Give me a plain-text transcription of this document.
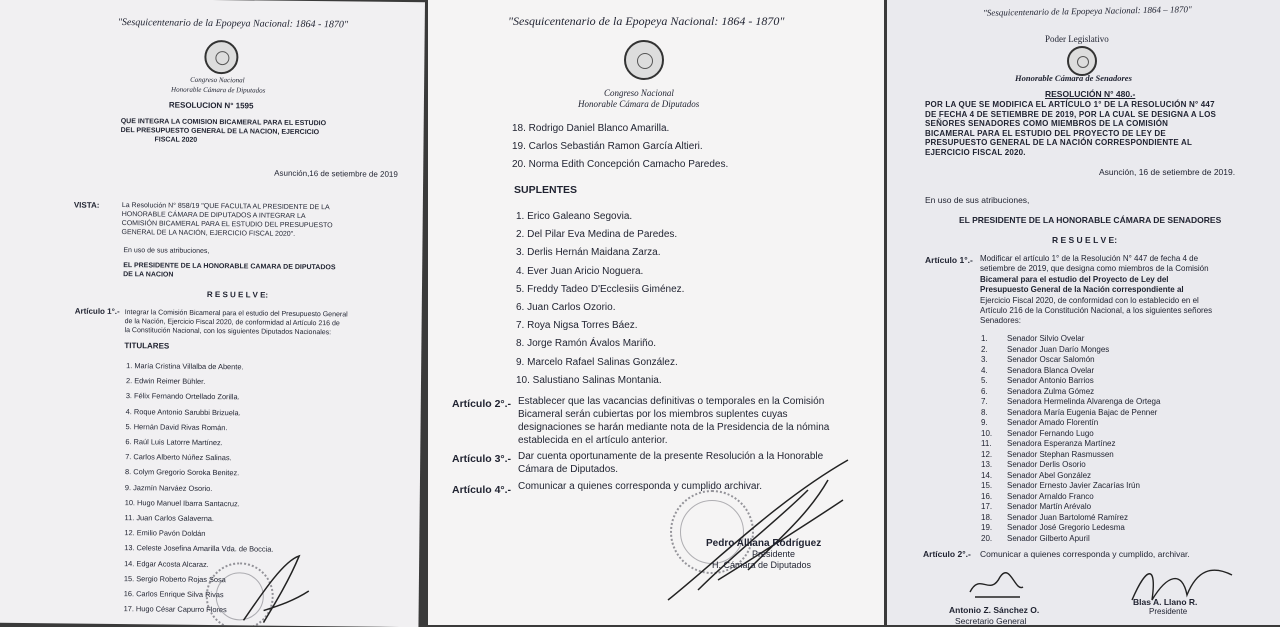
"Sesquicentenario de la Epopeya Nacional: 1864 - 1870"
Congreso Nacional
Honorable Cámara de Diputados
RESOLUCION N° 1595
QUE INTEGRA LA COMISION BICAMERAL PARA EL ESTUDIO
DEL PRESUPUESTO GENERAL DE LA NACION, EJERCICIO
FISCAL 2020
Asunción,16 de setiembre de 2019
VISTA:	La Resolución N° 858/19 "QUE FACULTA AL PRESIDENTE DE LA
HONORABLE CÁMARA DE DIPUTADOS A INTEGRAR LA
COMISIÓN BICAMERAL PARA EL ESTUDIO DEL PRESUPUESTO
GENERAL DE LA NACIÓN, EJERCICIO FISCAL 2020".
En uso de sus atribuciones,
EL PRESIDENTE DE LA HONORABLE CAMARA DE DIPUTADOS
DE LA NACION
R E S U E L V E:
Artículo 1°.- Integrar la Comisión Bicameral para el estudio del Presupuesto General
de la Nación, Ejercicio Fiscal 2020, de conformidad al Artículo 216 de
la Constitución Nacional, con los siguientes Diputados Nacionales:
TITULARES
1. María Cristina Villalba de Abente.
2. Edwin Reimer Bühler.
3. Félix Fernando Ortellado Zorilla.
4. Roque Antonio Sarubbi Brizuela.
5. Hernán David Rivas Román.
6. Raúl Luis Latorre Martínez.
7. Carlos Alberto Núñez Salinas.
8. Colym Gregorio Soroka Benitez.
9. Jazmín Narváez Osorio.
10. Hugo Manuel Ibarra Santacruz.
11. Juan Carlos Galaverna.
12. Emilio Pavón Doldán
13. Celeste Josefina Amarilla Vda. de Boccia.
14. Edgar Acosta Alcaraz.
15. Sergio Roberto Rojas Sosa
16. Carlos Enrique Silva Rivas
17. Hugo César Capurro Flores
"Sesquicentenario de la Epopeya Nacional: 1864 - 1870"
Congreso Nacional
Honorable Cámara de Diputados
18. Rodrigo Daniel Blanco Amarilla.
19. Carlos Sebastián Ramon García Altieri.
20. Norma Edith Concepción Camacho Paredes.
SUPLENTES
1. Erico Galeano Segovia.
2. Del Pilar Eva Medina de Paredes.
3. Derlis Hernán Maidana Zarza.
4. Ever Juan Aricio Noguera.
5. Freddy Tadeo D'Ecclesiis Giménez.
6. Juan Carlos Ozorio.
7. Roya Nigsa Torres Báez.
8. Jorge Ramón Ávalos Mariño.
9. Marcelo Rafael Salinas González.
10. Salustiano Salinas Montania.
Artículo 2°.- Establecer que las vacancias definitivas o temporales en la Comisión
Bicameral serán cubiertas por los miembros suplentes cuyas
designaciones se harán mediante nota de la Presidencia de la nómina
establecida en el artículo anterior.
Artículo 3°.- Dar cuenta oportunamente de la presente Resolución a la Honorable
Cámara de Diputados.
Artículo 4°.- Comunicar a quienes corresponda y cumplido archivar.
Pedro Alliana Rodríguez
Presidente
H. Cámara de Diputados
"Sesquicentenario de la Epopeya Nacional: 1864 – 1870"
Poder Legislativo
Honorable Cámara de Senadores
RESOLUCIÓN N° 480.-
POR LA QUE SE MODIFICA EL ARTÍCULO 1° DE LA RESOLUCIÓN N° 447
DE FECHA 4 DE SETIEMBRE DE 2019, POR LA CUAL SE DESIGNA A LOS
SEÑORES SENADORES COMO MIEMBROS DE LA COMISIÓN
BICAMERAL PARA EL ESTUDIO DEL PROYECTO DE LEY DE
PRESUPUESTO GENERAL DE LA NACIÓN CORRESPONDIENTE AL
EJERCICIO FISCAL 2020.
Asunción, 16 de setiembre de 2019.
En uso de sus atribuciones,
EL PRESIDENTE DE LA HONORABLE CÁMARA DE SENADORES
R E S U E L V E:
Artículo 1°.- Modificar el artículo 1° de la Resolución N° 447 de fecha 4 de
setiembre de 2019, que designa como miembros de la Comisión
Bicameral para el estudio del Proyecto de Ley del
Presupuesto General de la Nación correspondiente al
Ejercicio Fiscal 2020, de conformidad con lo establecido en el
Artículo 216 de la Constitución Nacional, a los siguientes señores
Senadores:
1.	Senador Silvio Ovelar
2.	Senador Juan Darío Monges
3.	Senador Oscar Salomón
4.	Senadora Blanca Ovelar
5.	Senador Antonio Barrios
6.	Senadora Zulma Gómez
7.	Senadora Hermelinda Alvarenga de Ortega
8.	Senadora María Eugenia Bajac de Penner
9.	Senador Amado Florentín
10.	Senador Fernando Lugo
11.	Senadora Esperanza Martínez
12.	Senador Stephan Rasmussen
13.	Senador Derlis Osorio
14.	Senador Abel González
15.	Senador Ernesto Javier Zacarías Irún
16.	Senador Arnaldo Franco
17.	Senador Martín Arévalo
18.	Senador Juan Bartolomé Ramírez
19.	Senador José Gregorio Ledesma
20.	Senador Gilberto Apuril
Artículo 2°.- Comunicar a quienes corresponda y cumplido, archivar.
Antonio Z. Sánchez O.
Secretario General
Blas A. Llano R.
Presidente
